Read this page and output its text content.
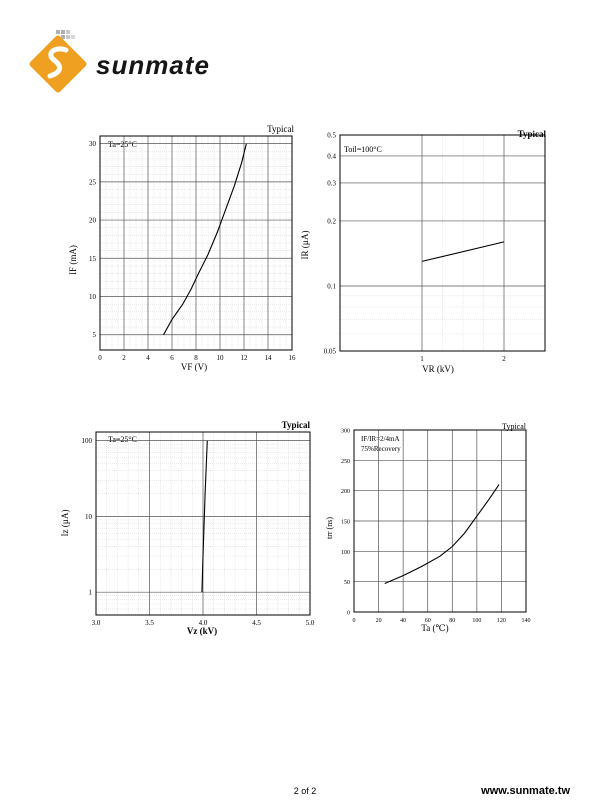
sunmate
Typical
Ta=25°C
VF (V)
IF (mA)
0	2	4	6	8	10 12 14 16
5
10
15
20
25
30
Typical
Toil=100°C
VR (kV)
IR (µA)
1	2
0.05
0.1
0.2
0.3
0.4
0.5
Typical
Ta=25°C
Vz (kV)
Iz (µA)
3.0	3.5	4.0	4.5	5.0
1
10
100
Typical
IF/IR=2/4mA
75%Recovery
Ta (℃)
trr (ns)
0	20	40	60	80	100	120	140
0
50
100
150
200
250
300
2 of 2	www.sunmate.tw
